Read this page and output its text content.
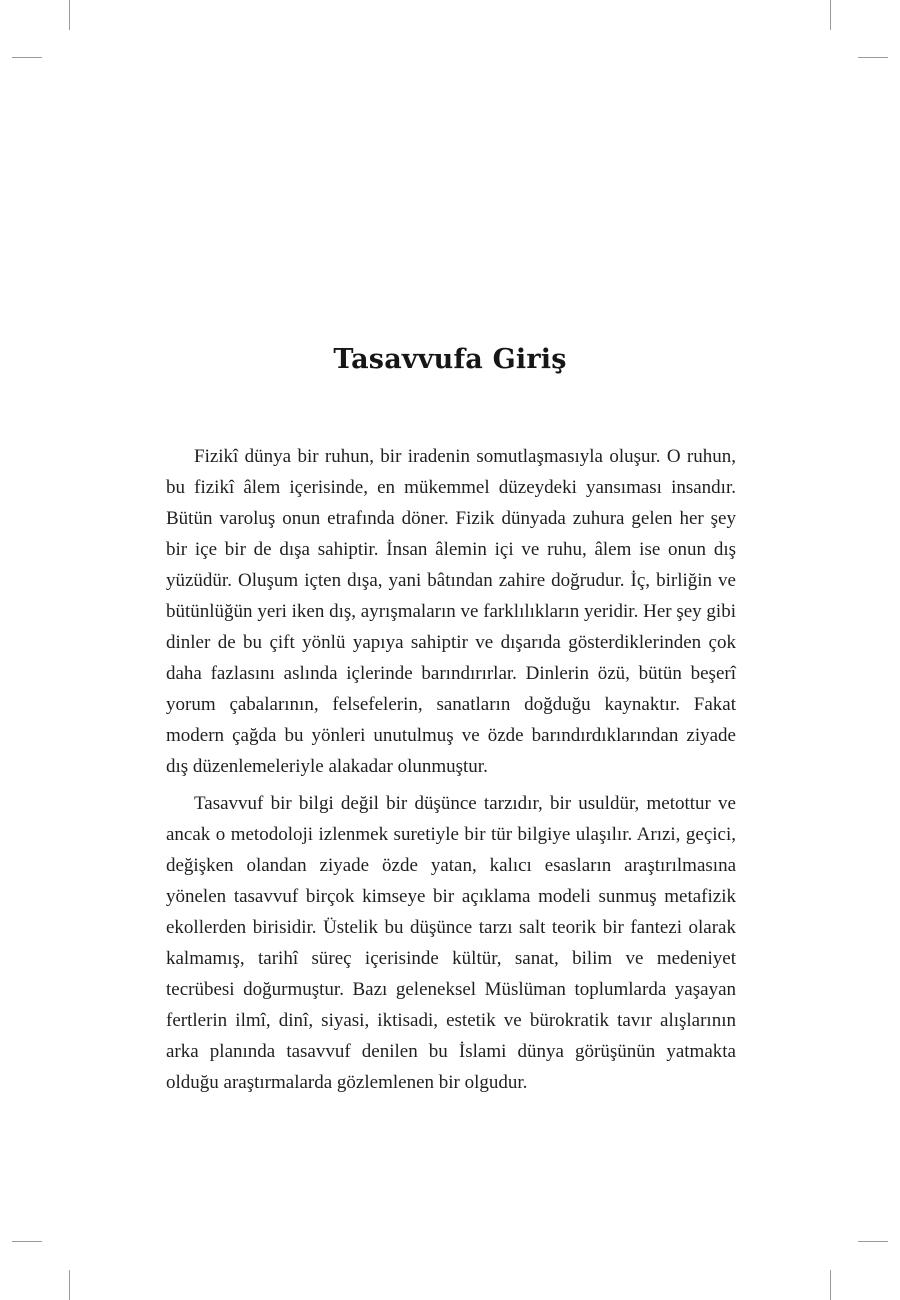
Tasavvufa Giriş

Fizikî dünya bir ruhun, bir iradenin somutlaşmasıyla oluşur. O ruhun, bu fizikî âlem içerisinde, en mükemmel düzeydeki yansıması insandır. Bütün varoluş onun etrafında döner. Fizik dünyada zuhura gelen her şey bir içe bir de dışa sahiptir. İnsan âlemin içi ve ruhu, âlem ise onun dış yüzüdür. Oluşum içten dışa, yani bâtından zahire doğrudur. İç, birliğin ve bütünlüğün yeri iken dış, ayrışmaların ve farklılıkların yeridir. Her şey gibi dinler de bu çift yönlü yapıya sahiptir ve dışarıda gösterdiklerinden çok daha fazlasını aslında içlerinde barındırırlar. Dinlerin özü, bütün beşerî yorum çabalarının, felsefelerin, sanatların doğduğu kaynaktır. Fakat modern çağda bu yönleri unutulmuş ve özde barındırdıklarından ziyade dış düzenlemeleriyle alakadar olunmuştur.

Tasavvuf bir bilgi değil bir düşünce tarzıdır, bir usuldür, metottur ve ancak o metodoloji izlenmek suretiyle bir tür bilgiye ulaşılır. Arızi, geçici, değişken olandan ziyade özde yatan, kalıcı esasların araştırılmasına yönelen tasavvuf birçok kimseye bir açıklama modeli sunmuş metafizik ekollerden birisidir. Üstelik bu düşünce tarzı salt teorik bir fantezi olarak kalmamış, tarihî süreç içerisinde kültür, sanat, bilim ve medeniyet tecrübesi doğurmuştur. Bazı geleneksel Müslüman toplumlarda yaşayan fertlerin ilmî, dinî, siyasi, iktisadi, estetik ve bürokratik tavır alışlarının arka planında tasavvuf denilen bu İslami dünya görüşünün yatmakta olduğu araştırmalarda gözlemlenen bir olgudur.
